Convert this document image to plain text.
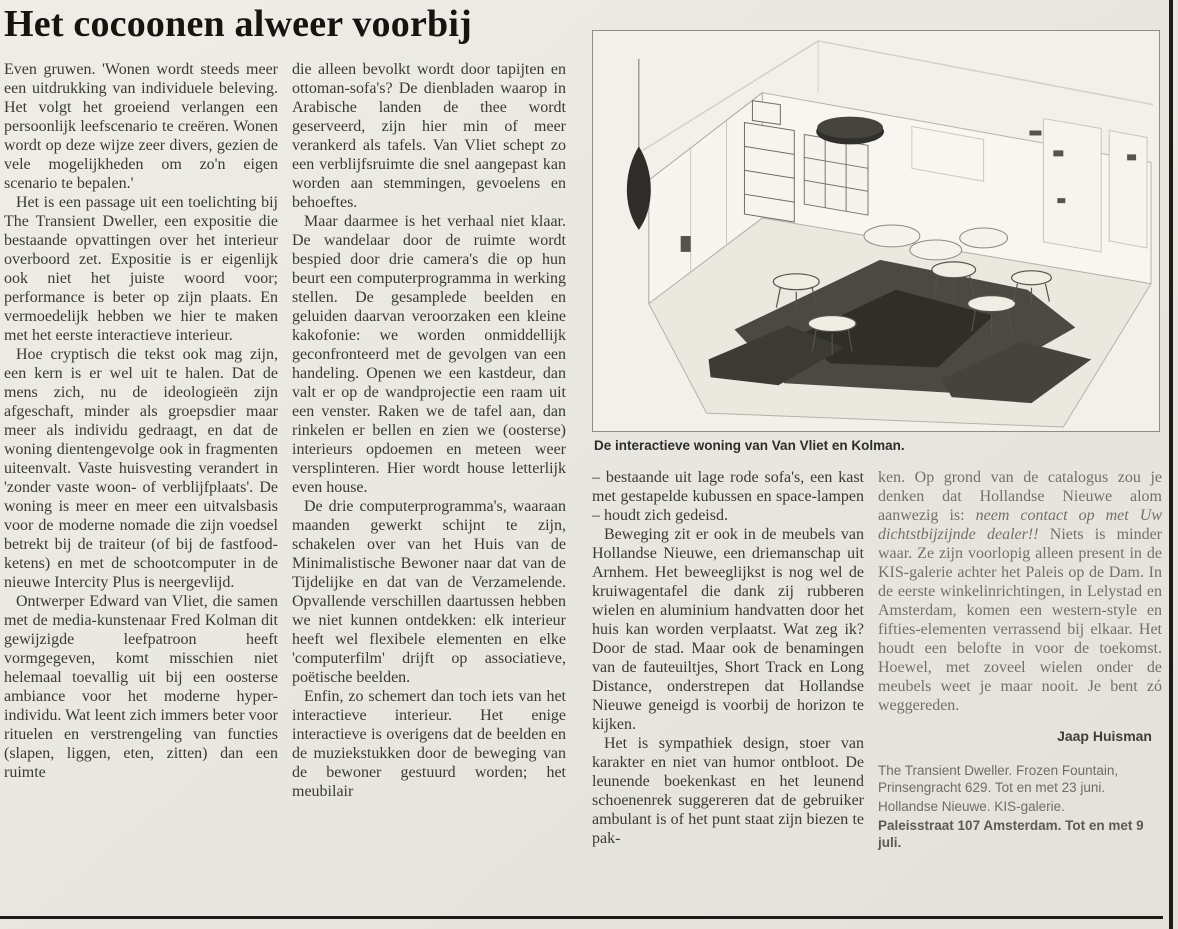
Het cocoonen alweer voorbij

Even gruwen. 'Wonen wordt steeds meer een uitdrukking van individuele beleving. Het volgt het groeiend verlangen een persoonlijk leefscenario te creëren. Wonen wordt op deze wijze zeer divers, gezien de vele mogelijkheden om zo'n eigen scenario te bepalen.'

Het is een passage uit een toelichting bij The Transient Dweller, een expositie die bestaande opvattingen over het interieur overboord zet. Expositie is er eigenlijk ook niet het juiste woord voor; performance is beter op zijn plaats. En vermoedelijk hebben we hier te maken met het eerste interactieve interieur.

Hoe cryptisch die tekst ook mag zijn, een kern is er wel uit te halen. Dat de mens zich, nu de ideologieën zijn afgeschaft, minder als groepsdier maar meer als individu gedraagt, en dat de woning dientengevolge ook in fragmenten uiteenvalt. Vaste huisvesting verandert in 'zonder vaste woon- of verblijfplaats'. De woning is meer en meer een uitvalsbasis voor de moderne nomade die zijn voedsel betrekt bij de traiteur (of bij de fastfood-ketens) en met de schootcomputer in de nieuwe Intercity Plus is neergevlijd.

Ontwerper Edward van Vliet, die samen met de media-kunstenaar Fred Kolman dit gewijzigde leefpatroon heeft vormgegeven, komt misschien niet helemaal toevallig uit bij een oosterse ambiance voor het moderne hyper-individu. Wat leent zich immers beter voor rituelen en verstrengeling van functies (slapen, liggen, eten, zitten) dan een ruimte

die alleen bevolkt wordt door tapijten en ottoman-sofa's? De dienbladen waarop in Arabische landen de thee wordt geserveerd, zijn hier min of meer verankerd als tafels. Van Vliet schept zo een verblijfsruimte die snel aangepast kan worden aan stemmingen, gevoelens en behoeftes.

Maar daarmee is het verhaal niet klaar. De wandelaar door de ruimte wordt bespied door drie camera's die op hun beurt een computerprogramma in werking stellen. De gesamplede beelden en geluiden daarvan veroorzaken een kleine kakofonie: we worden onmiddellijk geconfronteerd met de gevolgen van een handeling. Openen we een kastdeur, dan valt er op de wandprojectie een raam uit een venster. Raken we de tafel aan, dan rinkelen er bellen en zien we (oosterse) interieurs opdoemen en meteen weer versplinteren. Hier wordt house letterlijk even house.

De drie computerprogramma's, waaraan maanden gewerkt schijnt te zijn, schakelen over van het Huis van de Minimalistische Bewoner naar dat van de Tijdelijke en dat van de Verzamelende. Opvallende verschillen daartussen hebben we niet kunnen ontdekken: elk interieur heeft wel flexibele elementen en elke 'computerfilm' drijft op associatieve, poëtische beelden.

Enfin, zo schemert dan toch iets van het interactieve interieur. Het enige interactieve is overigens dat de beelden en de muziekstukken door de beweging van de bewoner gestuurd worden; het meubilair

De interactieve woning van Van Vliet en Kolman.

– bestaande uit lage rode sofa's, een kast met gestapelde kubussen en space-lampen – houdt zich gedeisd.

Beweging zit er ook in de meubels van Hollandse Nieuwe, een driemanschap uit Arnhem. Het beweeglijkst is nog wel de kruiwagentafel die dank zij rubberen wielen en aluminium handvatten door het huis kan worden verplaatst. Wat zeg ik? Door de stad. Maar ook de benamingen van de fauteuiltjes, Short Track en Long Distance, onderstrepen dat Hollandse Nieuwe geneigd is voorbij de horizon te kijken.

Het is sympathiek design, stoer van karakter en niet van humor ontbloot. De leunende boekenkast en het leunend schoenenrek suggereren dat de gebruiker ambulant is of het punt staat zijn biezen te pak-

ken. Op grond van de catalogus zou je denken dat Hollandse Nieuwe alom aanwezig is: neem contact op met Uw dichtstbijzijnde dealer!! Niets is minder waar. Ze zijn voorlopig alleen present in de KIS-galerie achter het Paleis op de Dam. In de eerste winkelinrichtingen, in Lelystad en Amsterdam, komen een western-style en fifties-elementen verrassend bij elkaar. Het houdt een belofte in voor de toekomst. Hoewel, met zoveel wielen onder de meubels weet je maar nooit. Je bent zó weggereden.

Jaap Huisman

The Transient Dweller. Frozen Fountain, Prinsengracht 629. Tot en met 23 juni.

Hollandse Nieuwe. KIS-galerie.

Paleisstraat 107 Amsterdam. Tot en met 9 juli.
